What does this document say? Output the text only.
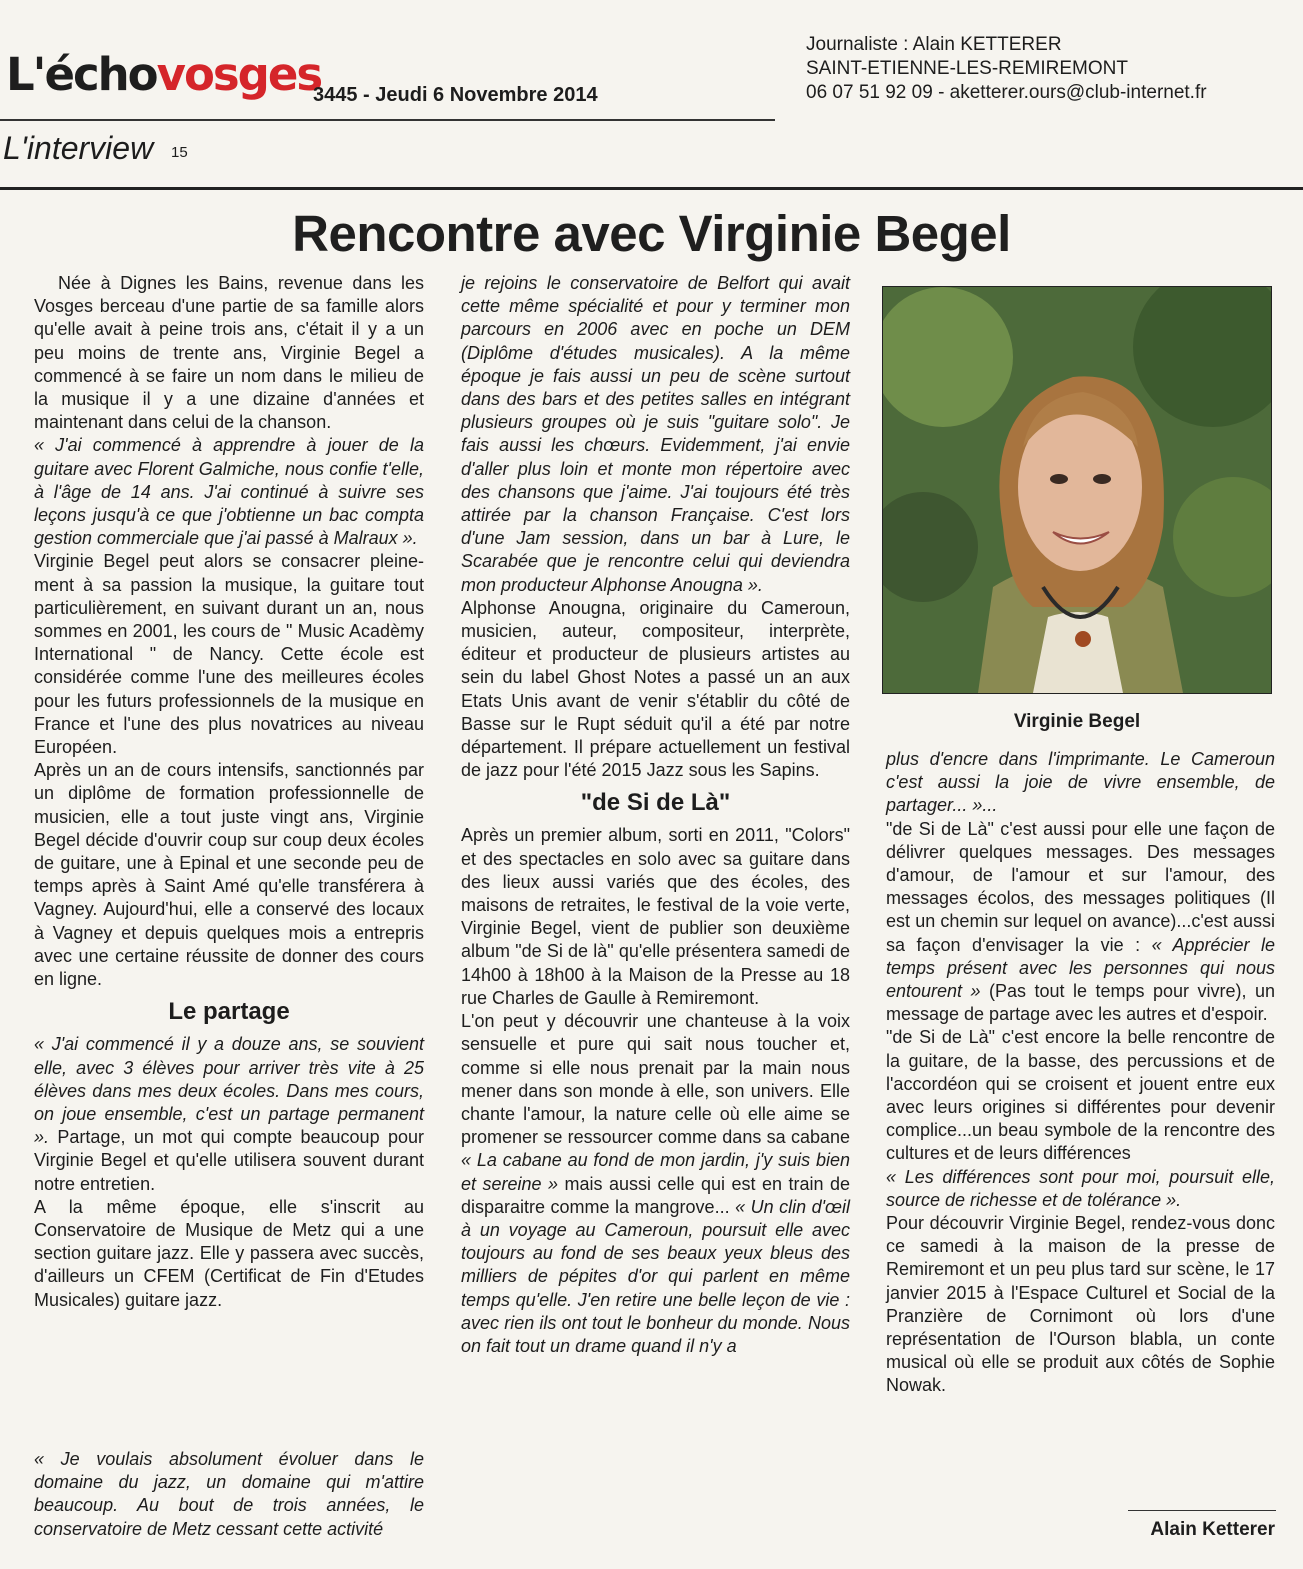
L'échovosges
3445 - Jeudi 6 Novembre 2014
Journaliste : Alain KETTERER
SAINT-ETIENNE-LES-REMIREMONT
06 07 51 92 09 - aketterer.ours@club-internet.fr
L'interview 15
Rencontre avec Virginie Begel

Née à Dignes les Bains, revenue dans les Vosges berceau d'une partie de sa famille alors qu'elle avait à peine trois ans, c'était il y a un peu moins de trente ans, Virginie Begel a commencé à se faire un nom dans le milieu de la musique il y a une dizaine d'années et maintenant dans celui de la chanson.

« J'ai commencé à apprendre à jouer de la guitare avec Florent Galmiche, nous confie t'elle, à l'âge de 14 ans. J'ai continué à suivre ses leçons jusqu'à ce que j'obtienne un bac compta gestion commerciale que j'ai passé à Malraux ».

Virginie Begel peut alors se consacrer pleinement à sa passion la musique, la guitare tout particulièrement, en suivant durant un an, nous sommes en 2001, les cours de " Music Acadèmy International " de Nancy. Cette école est considérée comme l'une des meilleures écoles pour les futurs professionnels de la musique en France et l'une des plus novatrices au niveau Européen.

Après un an de cours intensifs, sanctionnés par un diplôme de formation professionnelle de musicien, elle a tout juste vingt ans, Virginie Begel décide d'ouvrir coup sur coup deux écoles de guitare, une à Epinal et une seconde peu de temps après à Saint Amé qu'elle transférera à Vagney. Aujourd'hui, elle a conservé des locaux à Vagney et depuis quelques mois a entrepris avec une certaine réussite de donner des cours en ligne.

Le partage

« J'ai commencé il y a douze ans, se souvient elle, avec 3 élèves pour arriver très vite à 25 élèves dans mes deux écoles. Dans mes cours, on joue ensemble, c'est un partage permanent ». Partage, un mot qui compte beaucoup pour Virginie Begel et qu'elle utilisera souvent durant notre entretien.

A la même époque, elle s'inscrit au Conservatoire de Musique de Metz qui a une section guitare jazz. Elle y passera avec succès, d'ailleurs un CFEM (Certificat de Fin d'Etudes Musicales) guitare jazz.

« Je voulais absolument évoluer dans le domaine du jazz, un domaine qui m'attire beaucoup. Au bout de trois années, le conservatoire de Metz cessant cette activité

je rejoins le conservatoire de Belfort qui avait cette même spécialité et pour y terminer mon parcours en 2006 avec en poche un DEM (Diplôme d'études musicales). A la même époque je fais aussi un peu de scène surtout dans des bars et des petites salles en intégrant plusieurs groupes où je suis "guitare solo". Je fais aussi les chœurs. Evidemment, j'ai envie d'aller plus loin et monte mon répertoire avec des chansons que j'aime. J'ai toujours été très attirée par la chanson Française. C'est lors d'une Jam session, dans un bar à Lure, le Scarabée que je rencontre celui qui deviendra mon producteur Alphonse Anougna ».

Alphonse Anougna, originaire du Cameroun, musicien, auteur, compositeur, interprète, éditeur et producteur de plusieurs artistes au sein du label Ghost Notes a passé un an aux Etats Unis avant de venir s'établir du côté de Basse sur le Rupt séduit qu'il a été par notre département. Il prépare actuellement un festival de jazz pour l'été 2015 Jazz sous les Sapins.

"de Si de Là"

Après un premier album, sorti en 2011, "Colors" et des spectacles en solo avec sa guitare dans des lieux aussi variés que des écoles, des maisons de retraites, le festival de la voie verte, Virginie Begel, vient de publier son deuxième album "de Si de là" qu'elle présentera samedi de 14h00 à 18h00 à la Maison de la Presse au 18 rue Charles de Gaulle à Remiremont.

L'on peut y découvrir une chanteuse à la voix sensuelle et pure qui sait nous toucher et, comme si elle nous prenait par la main nous mener dans son monde à elle, son univers. Elle chante l'amour, la nature celle où elle aime se promener se ressourcer comme dans sa cabane « La cabane au fond de mon jardin, j'y suis bien et sereine » mais aussi celle qui est en train de disparaitre comme la mangrove... « Un clin d'œil à un voyage au Cameroun, poursuit elle avec toujours au fond de ses beaux yeux bleus des milliers de pépites d'or qui parlent en même temps qu'elle. J'en retire une belle leçon de vie : avec rien ils ont tout le bonheur du monde. Nous on fait tout un drame quand il n'y a

Virginie Begel

plus d'encre dans l'imprimante. Le Cameroun c'est aussi la joie de vivre ensemble, de partager... »...

"de Si de Là" c'est aussi pour elle une façon de délivrer quelques messages. Des messages d'amour, de l'amour et sur l'amour, des messages écolos, des messages politiques (Il est un chemin sur lequel on avance)...c'est aussi sa façon d'envisager la vie : « Apprécier le temps présent avec les personnes qui nous entourent » (Pas tout le temps pour vivre), un message de partage avec les autres et d'espoir.

"de Si de Là" c'est encore la belle rencontre de la guitare, de la basse, des percussions et de l'accordéon qui se croisent et jouent entre eux avec leurs origines si différentes pour devenir complice...un beau symbole de la rencontre des cultures et de leurs différences

« Les différences sont pour moi, poursuit elle, source de richesse et de tolérance ».

Pour découvrir Virginie Begel, rendez-vous donc ce samedi à la maison de la presse de Remiremont et un peu plus tard sur scène, le 17 janvier 2015 à l'Espace Culturel et Social de la Pranzière de Cornimont où lors d'une représentation de l'Ourson blabla, un conte musical où elle se produit aux côtés de Sophie Nowak.

Alain Ketterer
